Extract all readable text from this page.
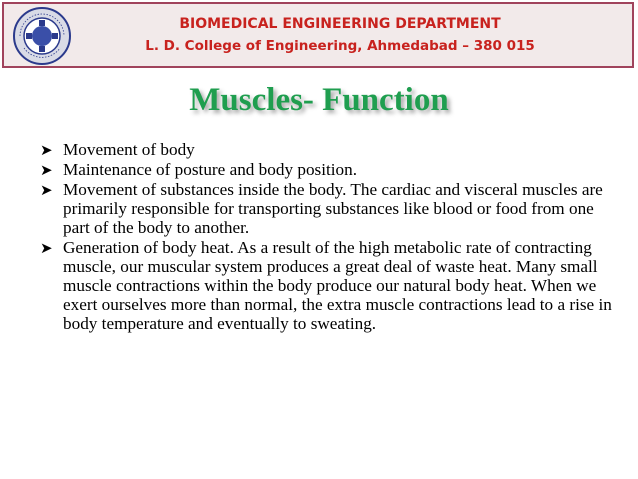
BIOMEDICAL ENGINEERING DEPARTMENT
L. D. College of Engineering, Ahmedabad – 380 015
Muscles- Function
➤ Movement of body
➤ Maintenance of posture and body position.
➤ Movement of substances inside the body. The cardiac and visceral muscles are primarily responsible for transporting substances like blood or food from one part of the body to another.
➤ Generation of body heat. As a result of the high metabolic rate of contracting muscle, our muscular system produces a great deal of waste heat. Many small muscle contractions within the body produce our natural body heat. When we exert ourselves more than normal, the extra muscle contractions lead to a rise in body temperature and eventually to sweating.
